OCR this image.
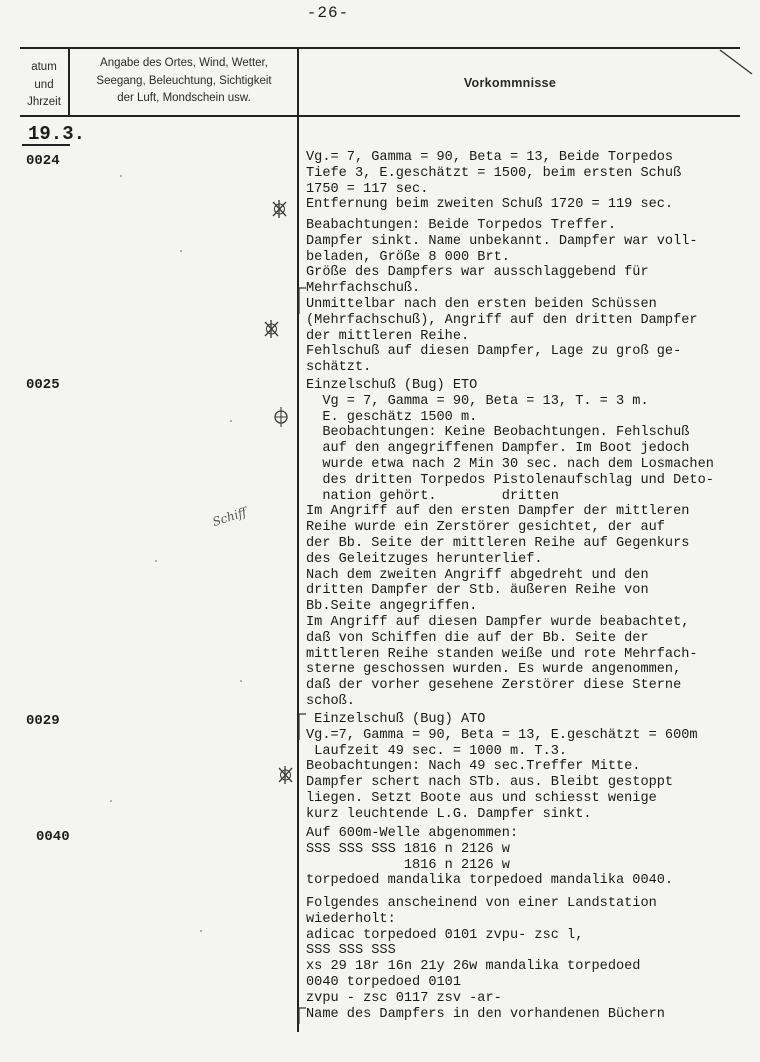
-26-
atum
und
Jhrzeit
Angabe des Ortes, Wind, Wetter,
Seegang, Beleuchtung, Sichtigkeit
der Luft, Mondschein usw.
Vorkommnisse
19.3.
0024
0025
0029
0040
Vg.= 7, Gamma = 90, Beta = 13, Beide Torpedos
Tiefe 3, E.geschätzt = 1500, beim ersten Schuß
1750 = 117 sec.
Entfernung beim zweiten Schuß 1720 = 119 sec.
Beabachtungen: Beide Torpedos Treffer.
Dampfer sinkt. Name unbekannt. Dampfer war voll-
beladen, Größe 8 000 Brt.
Größe des Dampfers war ausschlaggebend für
Mehrfachschuß.
Unmittelbar nach den ersten beiden Schüssen
(Mehrfachschuß), Angriff auf den dritten Dampfer
der mittleren Reihe.
Fehlschuß auf diesen Dampfer, Lage zu groß ge-
schätzt.
Einzelschuß (Bug) ETO
Vg = 7, Gamma = 90, Beta = 13, T. = 3 m.
E. geschätz 1500 m.
Beobachtungen: Keine Beobachtungen. Fehlschuß
auf den angegriffenen Dampfer. Im Boot jedoch
wurde etwa nach 2 Min 30 sec. nach dem Losmachen
des dritten Torpedos Pistolenaufschlag und Deto-
nation gehört.        dritten
Im Angriff auf den ersten Dampfer der mittleren
Reihe wurde ein Zerstörer gesichtet, der auf
der Bb. Seite der mittleren Reihe auf Gegenkurs
des Geleitzuges herunterlief.
Nach dem zweiten Angriff abgedreht und den
dritten Dampfer der Stb. äußeren Reihe von
Bb.Seite angegriffen.
Im Angriff auf diesen Dampfer wurde beabachtet,
daß von Schiffen die auf der Bb. Seite der
mittleren Reihe standen weiße und rote Mehrfach-
sterne geschossen wurden. Es wurde angenommen,
daß der vorher gesehene Zerstörer diese Sterne
schoß.
Einzelschuß (Bug) ATO
Vg.=7, Gamma = 90, Beta = 13, E.geschätzt = 600m
Laufzeit 49 sec. = 1000 m. T.3.
Beobachtungen: Nach 49 sec.Treffer Mitte.
Dampfer schert nach STb. aus. Bleibt gestoppt
liegen. Setzt Boote aus und schiesst wenige
kurz leuchtende L.G. Dampfer sinkt.
Auf 600m-Welle abgenommen:
SSS SSS SSS 1816 n 2126 w
1816 n 2126 w
torpedoed mandalika torpedoed mandalika 0040.
Folgendes anscheinend von einer Landstation
wiederholt:
adicac torpedoed 0101 zvpu- zsc l,
SSS SSS SSS
xs 29 18r 16n 21y 26w mandalika torpedoed
0040 torpedoed 0101
zvpu - zsc 0117 zsv -ar-
Name des Dampfers in den vorhandenen Büchern
Schiff
